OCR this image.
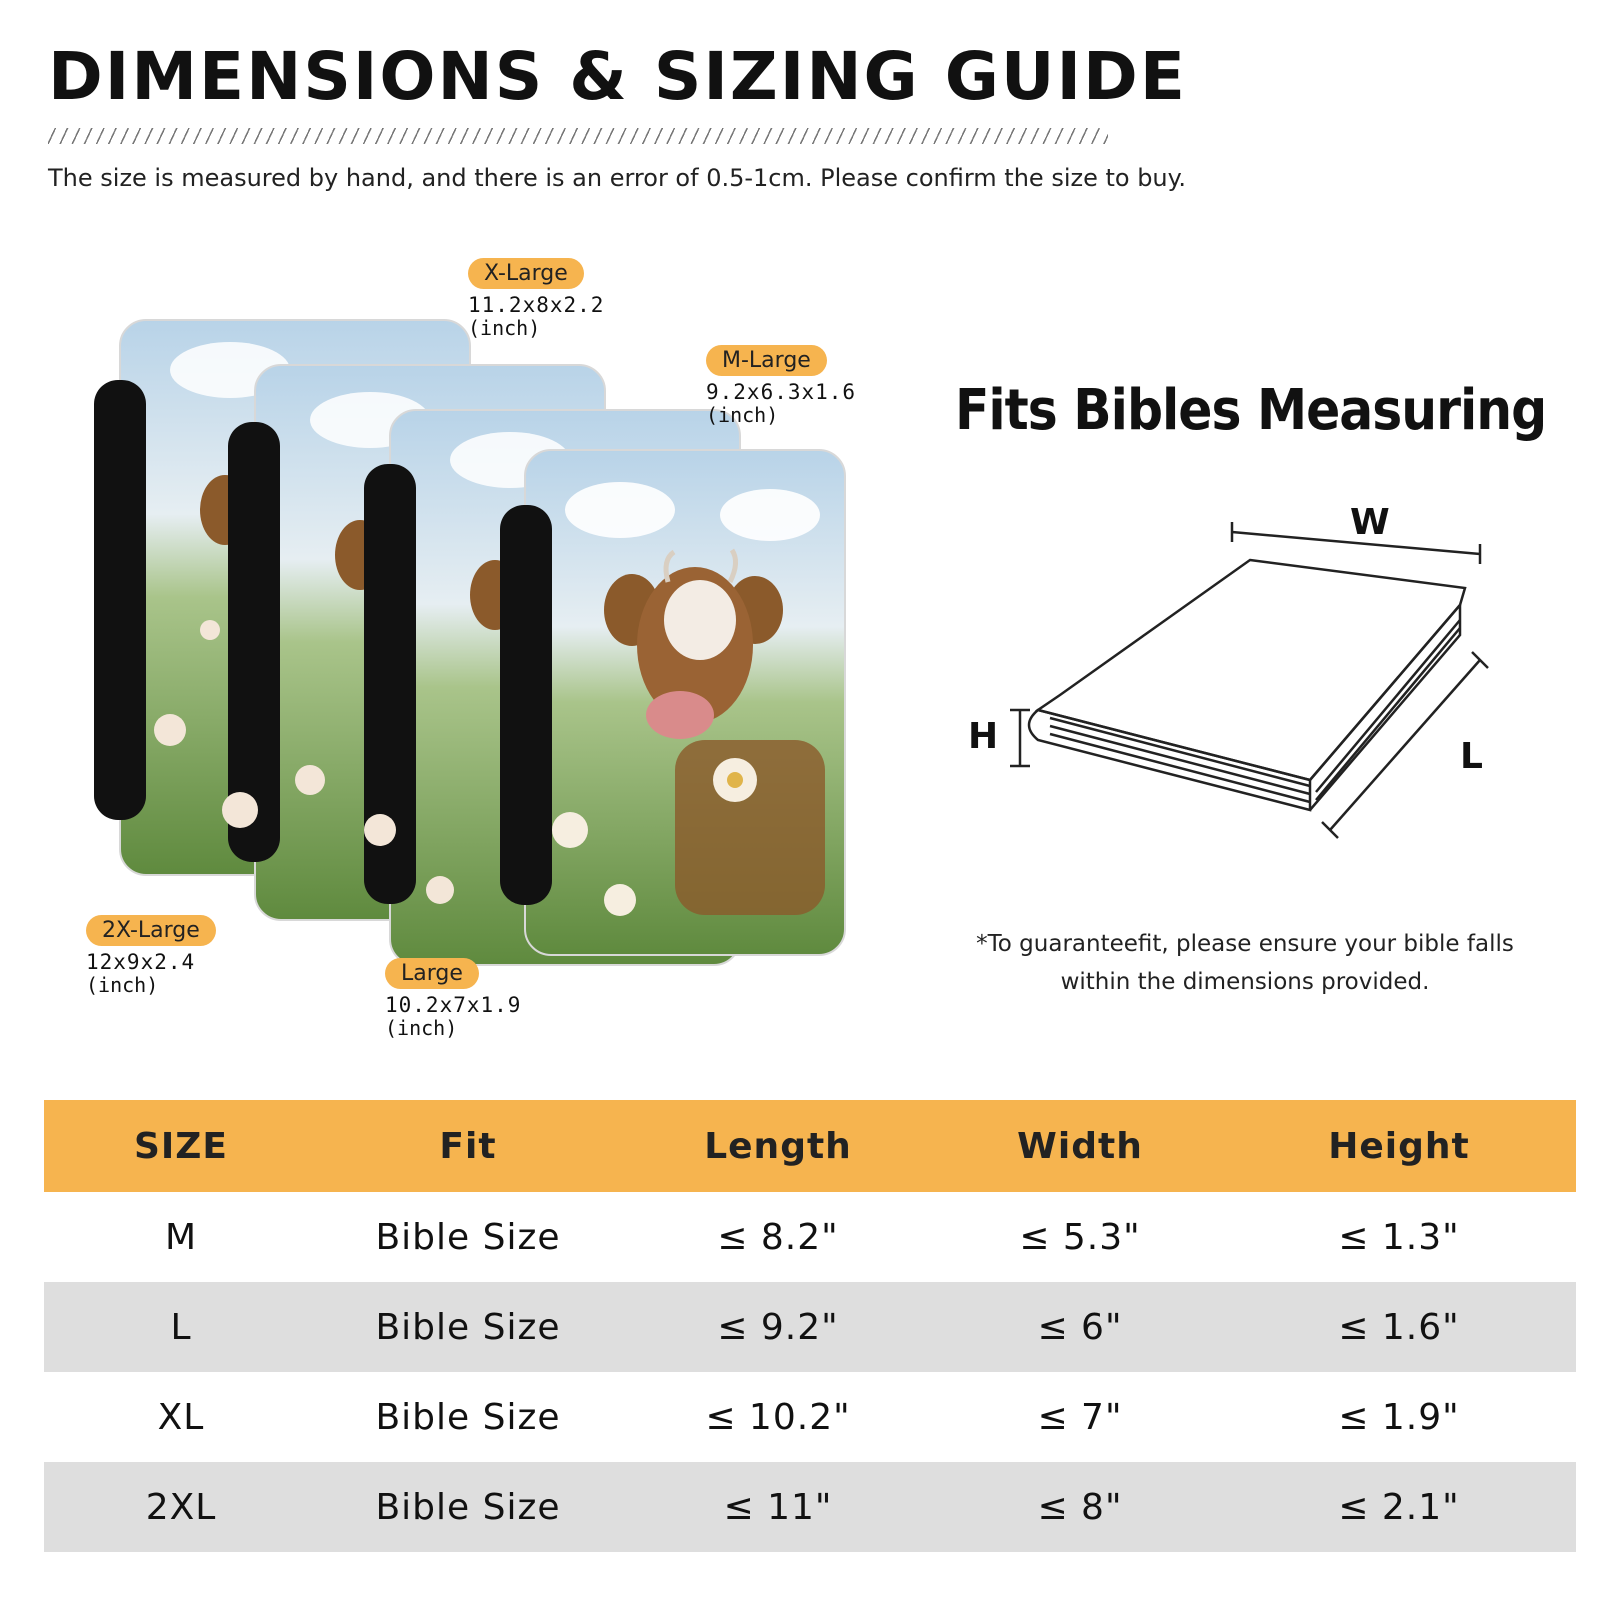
DIMENSIONS & SIZING GUIDE
The size is measured by hand, and there is an error of 0.5-1cm. Please confirm the size to buy.
X-Large
11.2x8x2.2
(inch)
M-Large
9.2x6.3x1.6
(inch)
2X-Large
12x9x2.4
(inch)	Large
10.2x7x1.9
(inch)
Fits Bibles Measuring
W
H	L
*To guaranteefit, please ensure your bible falls
within the dimensions provided.
SIZE	Fit	Length	Width	Height
M	Bible Size	≤ 8.2"	≤ 5.3"	≤ 1.3"
L	Bible Size	≤ 9.2"	≤ 6"	≤ 1.6"
XL	Bible Size	≤ 10.2"	≤ 7"	≤ 1.9"
2XL	Bible Size	≤ 11"	≤ 8"	≤ 2.1"
